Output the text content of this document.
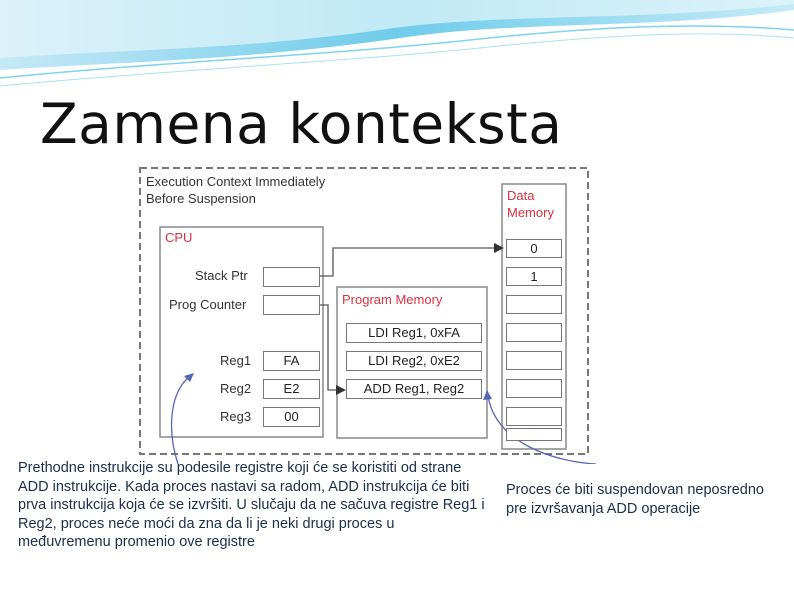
Zamena konteksta
Execution Context Immediately
Before Suspension
CPU
Stack Ptr
Prog Counter
Reg1	FA
Reg2	E2
Reg3	00
Program Memory
LDI Reg1, 0xFA
LDI Reg2, 0xE2
ADD Reg1, Reg2
Data
Memory
0
1
Prethodne instrukcije su podesile registre koji će se koristiti od strane ADD instrukcije. Kada proces nastavi sa radom, ADD instrukcija će biti prva instrukcija koja će se izvršiti. U slučaju da ne sačuva registre Reg1 i Reg2, proces neće moći da zna da li je neki drugi proces u međuvremenu promenio ove registre
Proces će biti suspendovan neposredno pre izvršavanja ADD operacije
